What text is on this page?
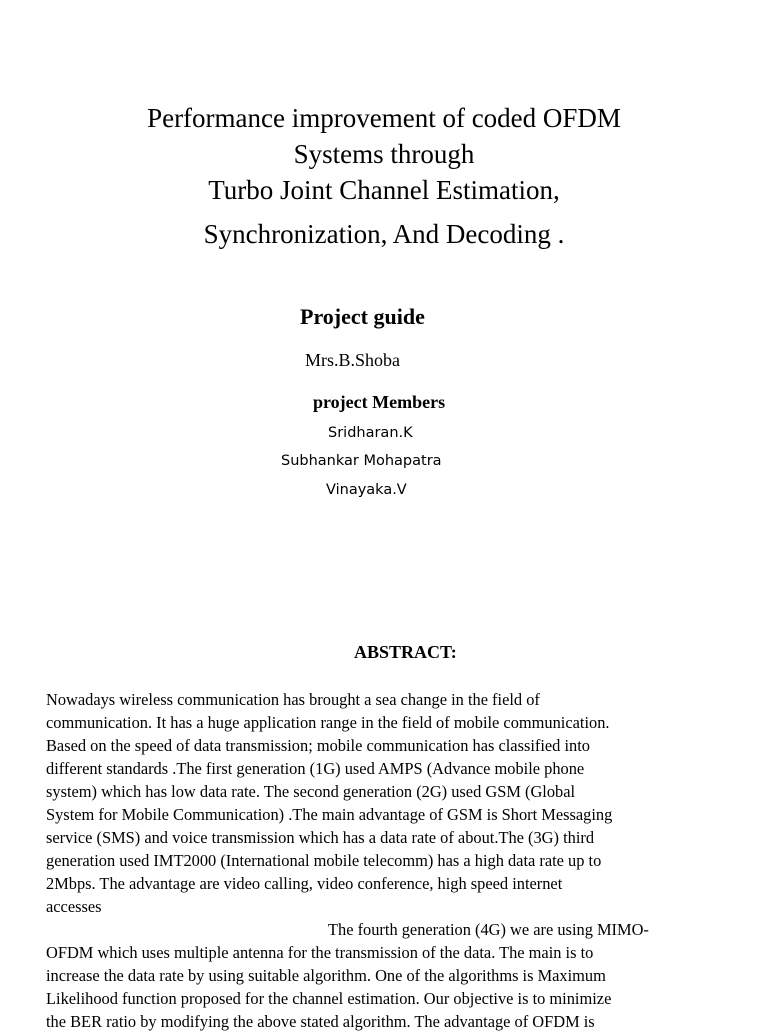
Performance improvement of coded OFDM
Systems through
Turbo Joint Channel Estimation,
Synchronization, And Decoding .
Project guide
Mrs.B.Shoba
project Members
Sridharan.K
Subhankar Mohapatra
Vinayaka.V
ABSTRACT:
Nowadays wireless communication has brought a sea change in the field of
communication. It has a huge application range in the field of mobile communication.
Based on the speed of data transmission; mobile communication has classified into
different standards .The first generation (1G) used AMPS (Advance mobile phone
system) which has low data rate. The second generation (2G) used GSM (Global
System for Mobile Communication) .The main advantage of GSM is Short Messaging
service (SMS) and voice transmission which has a data rate of about.The (3G) third
generation used IMT2000 (International mobile telecomm) has a high data rate up to
2Mbps. The advantage are video calling, video conference, high speed internet
accesses
The fourth generation (4G) we are using MIMO-
OFDM which uses multiple antenna for the transmission of the data. The main is to
increase the data rate by using suitable algorithm. One of the algorithms is Maximum
Likelihood function proposed for the channel estimation. Our objective is to minimize
the BER ratio by modifying the above stated algorithm. The advantage of OFDM is
